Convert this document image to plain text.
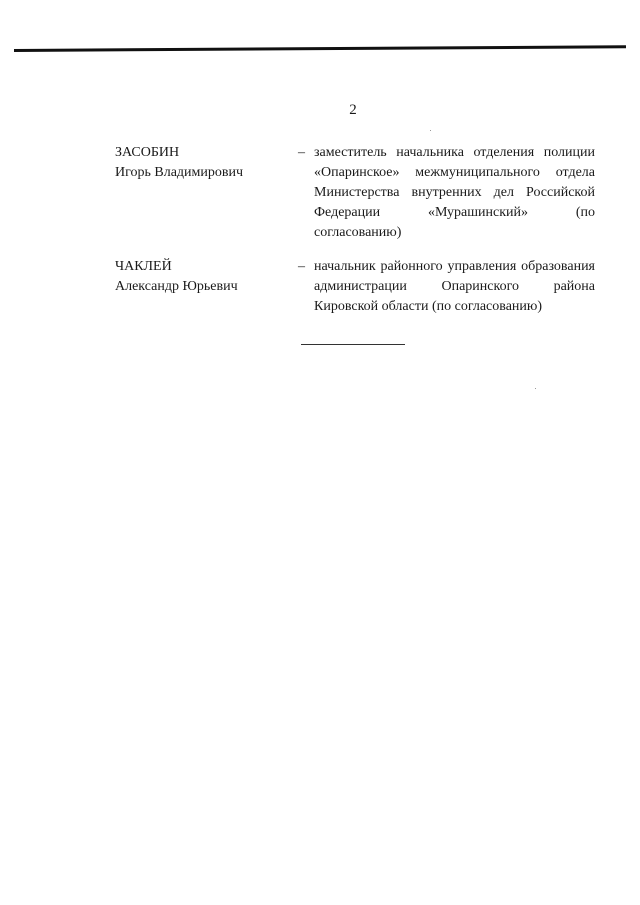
2
ЗАСОБИН
Игорь Владимирович
– заместитель начальника отделения полиции «Опаринское» межмуниципального отдела Министерства внутренних дел Российской Федерации «Мурашинский» (по согласованию)
ЧАКЛЕЙ
Александр Юрьевич
– начальник районного управления образования администрации Опаринского района Кировской области (по согласованию)
